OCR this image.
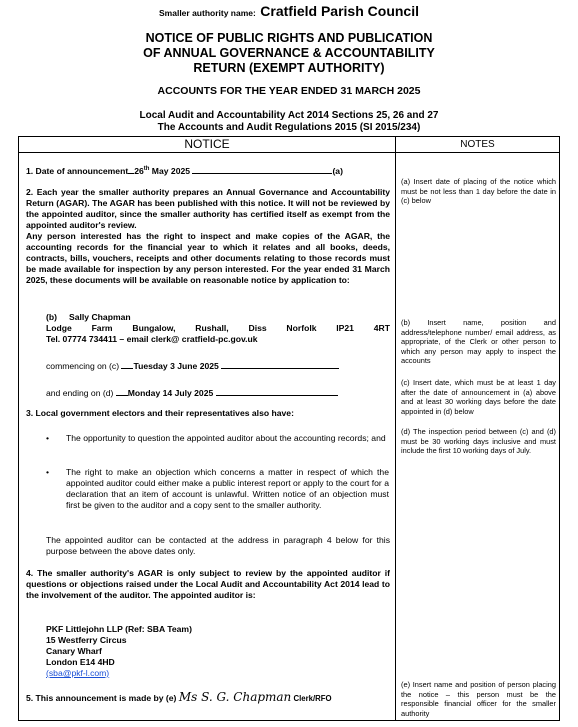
Smaller authority name: Cratfield Parish Council
NOTICE OF PUBLIC RIGHTS AND PUBLICATION
OF ANNUAL GOVERNANCE & ACCOUNTABILITY
RETURN (EXEMPT AUTHORITY)
ACCOUNTS FOR THE YEAR ENDED 31 MARCH 2025
Local Audit and Accountability Act 2014 Sections 25, 26 and 27
The Accounts and Audit Regulations 2015 (SI 2015/234)
NOTICE	NOTES
1. Date of announcement 26th May 2025	(a)
2. Each year the smaller authority prepares an Annual Governance and Accountability Return (AGAR). The AGAR has been published with this notice. It will not be reviewed by the appointed auditor, since the smaller authority has certified itself as exempt from the appointed auditor's review.
Any person interested has the right to inspect and make copies of the AGAR, the accounting records for the financial year to which it relates and all books, deeds, contracts, bills, vouchers, receipts and other documents relating to those records must be made available for inspection by any person interested. For the year ended 31 March 2025, these documents will be available on reasonable notice by application to:
(b) Sally Chapman
Lodge Farm Bungalow, Rushall, Diss Norfolk IP21 4RT
Tel. 07774 734411 – email clerk@ cratfield-pc.gov.uk
commencing on (c) Tuesday 3 June 2025
and ending on (d) Monday 14 July 2025
3. Local government electors and their representatives also have:
• The opportunity to question the appointed auditor about the accounting records; and
• The right to make an objection which concerns a matter in respect of which the appointed auditor could either make a public interest report or apply to the court for a declaration that an item of account is unlawful. Written notice of an objection must first be given to the auditor and a copy sent to the smaller authority.
The appointed auditor can be contacted at the address in paragraph 4 below for this purpose between the above dates only.
4. The smaller authority's AGAR is only subject to review by the appointed auditor if questions or objections raised under the Local Audit and Accountability Act 2014 lead to the involvement of the auditor. The appointed auditor is:
PKF Littlejohn LLP (Ref: SBA Team)
15 Westferry Circus
Canary Wharf
London E14 4HD
(sba@pkf-l.com)
5. This announcement is made by (e) Ms S. G. Chapman Clerk/RFO
(a) Insert date of placing of the notice which must be not less than 1 day before the date in (c) below
(b) Insert name, position and address/telephone number/ email address, as appropriate, of the Clerk or other person to which any person may apply to inspect the accounts
(c) Insert date, which must be at least 1 day after the date of announcement in (a) above and at least 30 working days before the date appointed in (d) below
(d) The inspection period between (c) and (d) must be 30 working days inclusive and must include the first 10 working days of July.
(e) Insert name and position of person placing the notice – this person must be the responsible financial officer for the smaller authority
